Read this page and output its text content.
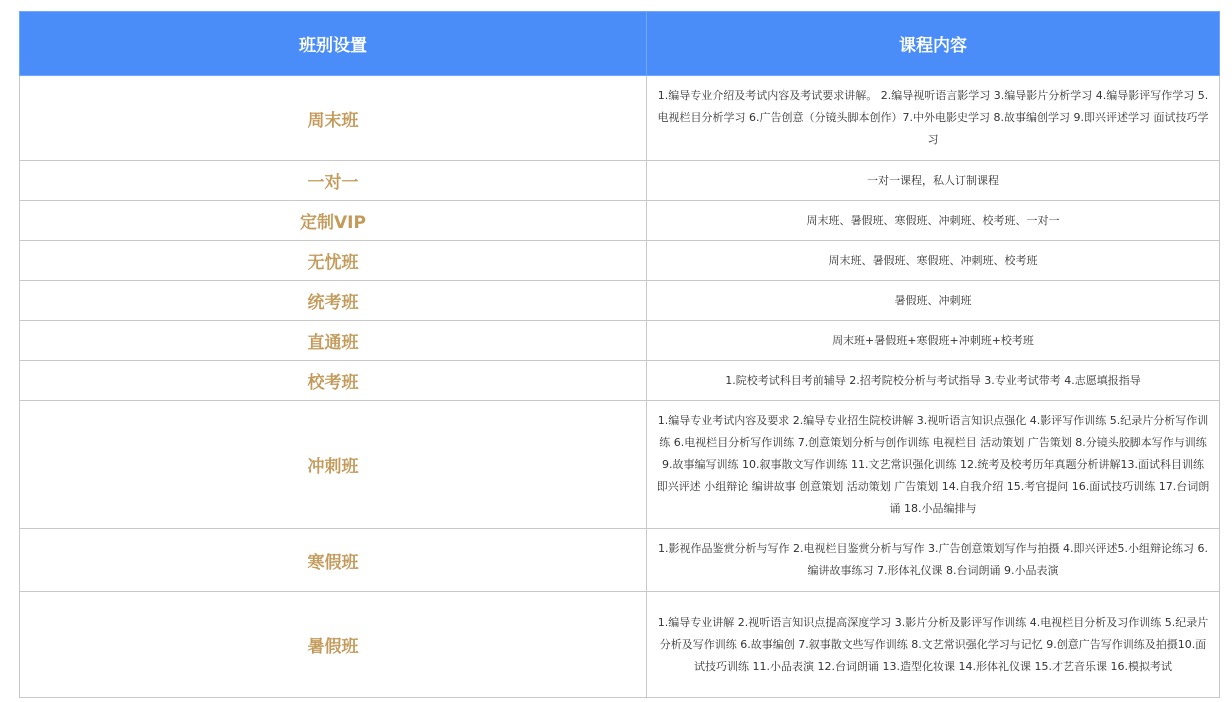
班别设置	课程内容
周末班	1.编导专业介绍及考试内容及考试要求讲解。 2.编导视听语言影学习 3.编导影片分析学习 4.编导影评写作学习 5.电视栏目分析学习 6.广告创意（分镜头脚本创作）7.中外电影史学习 8.故事编创学习 9.即兴评述学习 面试技巧学习
一对一	一对一课程，私人订制课程
定制VIP	周末班、暑假班、寒假班、冲刺班、校考班、一对一
无忧班	周末班、暑假班、寒假班、冲刺班、校考班
统考班	暑假班、冲刺班
直通班	周末班+暑假班+寒假班+冲刺班+校考班
校考班	1.院校考试科目考前辅导 2.招考院校分析与考试指导 3.专业考试带考 4.志愿填报指导
冲刺班	1.编导专业考试内容及要求 2.编导专业招生院校讲解 3.视听语言知识点强化 4.影评写作训练 5.纪录片分析写作训练 6.电视栏目分析写作训练 7.创意策划分析与创作训练 电视栏目 活动策划 广告策划 8.分镜头胶脚本写作与训练 9.故事编写训练 10.叙事散文写作训练 11.文艺常识强化训练 12.统考及校考历年真题分析讲解13.面试科目训练 即兴评述 小组辩论 编讲故事 创意策划 活动策划 广告策划 14.自我介绍 15.考官提问 16.面试技巧训练 17.台词朗诵 18.小品编排与
寒假班	1.影视作品鉴赏分析与写作 2.电视栏目鉴赏分析与写作 3.广告创意策划写作与拍摄 4.即兴评述5.小组辩论练习 6.编讲故事练习 7.形体礼仪课 8.台词朗诵 9.小品表演
暑假班	1.编导专业讲解 2.视听语言知识点提高深度学习 3.影片分析及影评写作训练 4.电视栏目分析及习作训练 5.纪录片分析及写作训练 6.故事编创 7.叙事散文些写作训练 8.文艺常识强化学习与记忆 9.创意广告写作训练及拍摄10.面试技巧训练 11.小品表演 12.台词朗诵 13.造型化妆课 14.形体礼仪课 15.才艺音乐课 16.模拟考试
